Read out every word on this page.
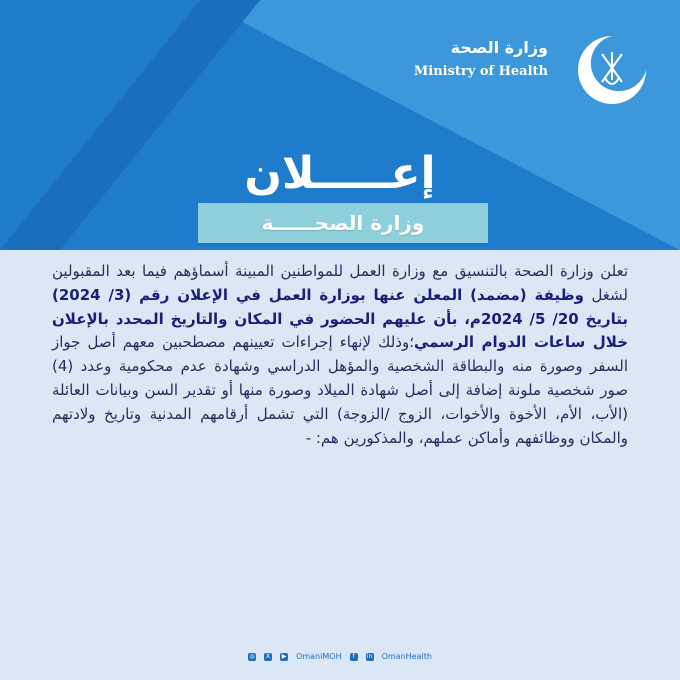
وزارة الصحة
Ministry of Health
إعـــــلان
وزارة الصحــــــة
تعلن وزارة الصحة بالتنسيق مع وزارة العمل للمواطنين المبينة أسماؤهم فيما بعد المقبولين لشغل وظيفة (مضمد) المعلن عنها بوزارة العمل في الإعلان رقم (3/ 2024) بتاريخ 20/ 5/ 2024م، بأن عليهم الحضور في المكان والتاريخ المحدد بالإعلان خلال ساعات الدوام الرسمي؛وذلك لإنهاء إجراءات تعيينهم مصطحبين معهم أصل جواز السفر وصورة منه والبطاقة الشخصية والمؤهل الدراسي وشهادة عدم محكومية وعدد (4) صور شخصية ملونة إضافة إلى أصل شهادة الميلاد وصورة منها أو تقدير السن وبيانات العائلة (الأب، الأم، الأخوة والأخوات، الزوج /الزوجة) التي تشمل أرقامهم المدنية وتاريخ ولادتهم والمكان ووظائفهم وأماكن عملهم، والمذكورين هم: -
◎	X	▶ OmaniMOH	f	in OmanHealth
